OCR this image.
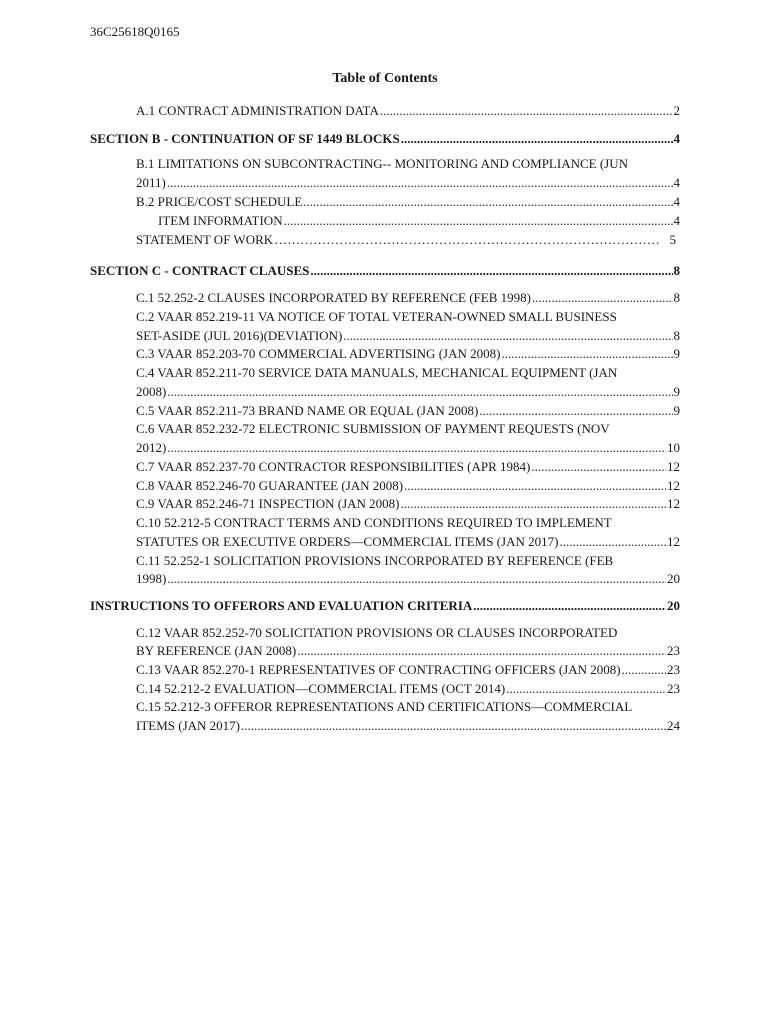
36C25618Q0165
Table of Contents
A.1 CONTRACT ADMINISTRATION DATA .....	2
SECTION B - CONTINUATION OF SF 1449 BLOCKS .....	4
B.1 LIMITATIONS ON SUBCONTRACTING-- MONITORING AND COMPLIANCE (JUN
2011) .....	4
B.2 PRICE/COST SCHEDULE .....	4
ITEM INFORMATION .....	4
STATEMENT OF WORK ………………………………………………………………………………………………………………	5
SECTION C - CONTRACT CLAUSES .....	8
C.1 52.252-2 CLAUSES INCORPORATED BY REFERENCE (FEB 1998) .....	8
C.2 VAAR 852.219-11 VA NOTICE OF TOTAL VETERAN-OWNED SMALL BUSINESS
SET-ASIDE (JUL 2016)(DEVIATION) .....	8
C.3 VAAR 852.203-70 COMMERCIAL ADVERTISING (JAN 2008) .....	9
C.4 VAAR 852.211-70 SERVICE DATA MANUALS, MECHANICAL EQUIPMENT (JAN
2008) .....	9
C.5 VAAR 852.211-73 BRAND NAME OR EQUAL (JAN 2008) .....	9
C.6 VAAR 852.232-72 ELECTRONIC SUBMISSION OF PAYMENT REQUESTS (NOV
2012) .....	10
C.7 VAAR 852.237-70 CONTRACTOR RESPONSIBILITIES (APR 1984) .....	12
C.8 VAAR 852.246-70 GUARANTEE (JAN 2008) .....	12
C.9 VAAR 852.246-71 INSPECTION (JAN 2008) .....	12
C.10 52.212-5 CONTRACT TERMS AND CONDITIONS REQUIRED TO IMPLEMENT
STATUTES OR EXECUTIVE ORDERS—COMMERCIAL ITEMS (JAN 2017) .....	12
C.11 52.252-1 SOLICITATION PROVISIONS INCORPORATED BY REFERENCE (FEB
1998) .....	20
INSTRUCTIONS TO OFFERORS AND EVALUATION CRITERIA .....	20
C.12 VAAR 852.252-70 SOLICITATION PROVISIONS OR CLAUSES INCORPORATED
BY REFERENCE (JAN 2008) .....	23
C.13 VAAR 852.270-1 REPRESENTATIVES OF CONTRACTING OFFICERS (JAN 2008) .....	23
C.14 52.212-2 EVALUATION—COMMERCIAL ITEMS (OCT 2014) .....	23
C.15 52.212-3 OFFEROR REPRESENTATIONS AND CERTIFICATIONS—COMMERCIAL
ITEMS (JAN 2017) .....	24
